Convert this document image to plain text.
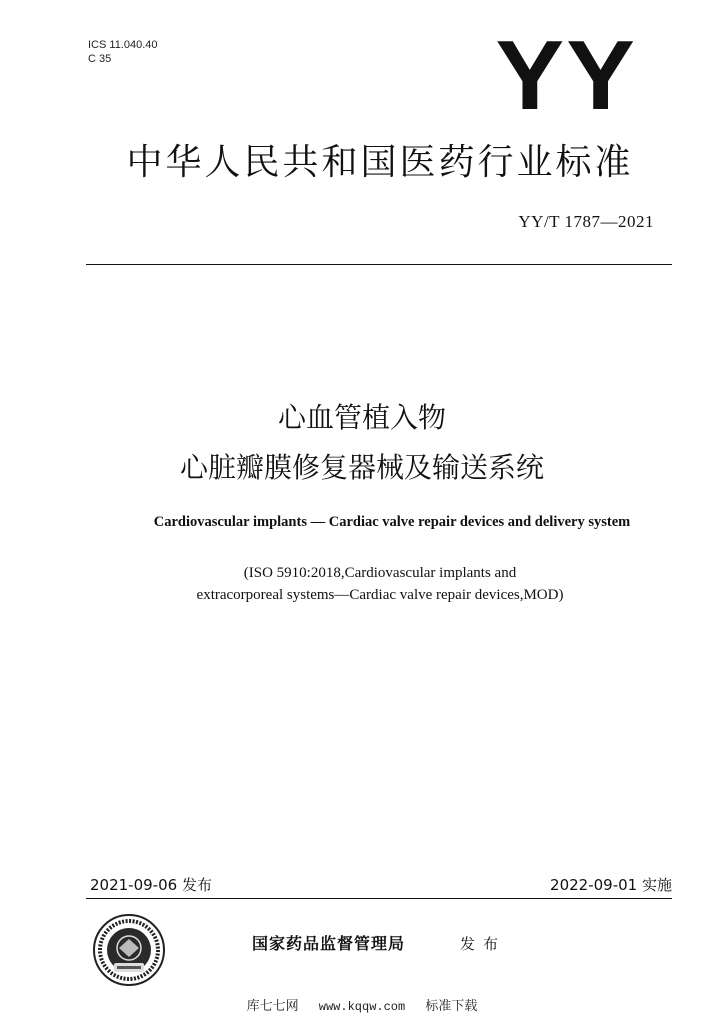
ICS 11.040.40
C 35	YY
中华人民共和国医药行业标准
YY/T 1787—2021
心血管植入物
心脏瓣膜修复器械及输送系统
Cardiovascular implants — Cardiac valve repair devices and delivery system
(ISO 5910:2018,Cardiovascular implants and
extracorporeal systems—Cardiac valve repair devices,MOD)
2021-09-06 发布	2022-09-01 实施
国家药品监督管理局	发布
库七七网 www.kqqw.com 标准下载
